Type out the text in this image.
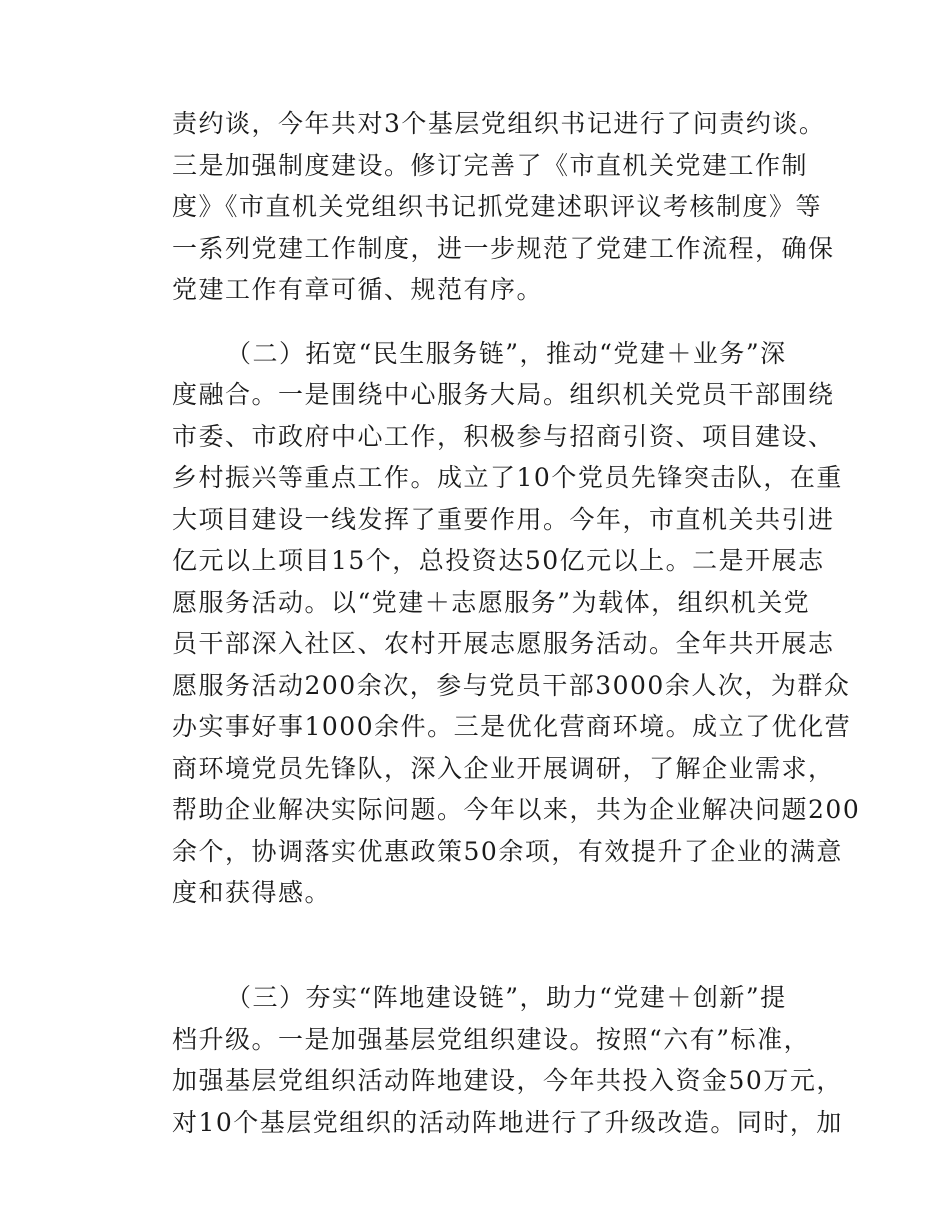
责约谈，今年共对3个基层党组织书记进行了问责约谈。
三是加强制度建设。修订完善了《市直机关党建工作制
度》《市直机关党组织书记抓党建述职评议考核制度》等
一系列党建工作制度，进一步规范了党建工作流程，确保
党建工作有章可循、规范有序。
（二）拓宽“民生服务链”，推动“党建＋业务”深
度融合。一是围绕中心服务大局。组织机关党员干部围绕
市委、市政府中心工作，积极参与招商引资、项目建设、
乡村振兴等重点工作。成立了10个党员先锋突击队，在重
大项目建设一线发挥了重要作用。今年，市直机关共引进
亿元以上项目15个，总投资达50亿元以上。二是开展志
愿服务活动。以“党建＋志愿服务”为载体，组织机关党
员干部深入社区、农村开展志愿服务活动。全年共开展志
愿服务活动200余次，参与党员干部3000余人次，为群众
办实事好事1000余件。三是优化营商环境。成立了优化营
商环境党员先锋队，深入企业开展调研，了解企业需求，
帮助企业解决实际问题。今年以来，共为企业解决问题200
余个，协调落实优惠政策50余项，有效提升了企业的满意
度和获得感。
（三）夯实“阵地建设链”，助力“党建＋创新”提
档升级。一是加强基层党组织建设。按照“六有”标准，
加强基层党组织活动阵地建设，今年共投入资金50万元，
对10个基层党组织的活动阵地进行了升级改造。同时，加
